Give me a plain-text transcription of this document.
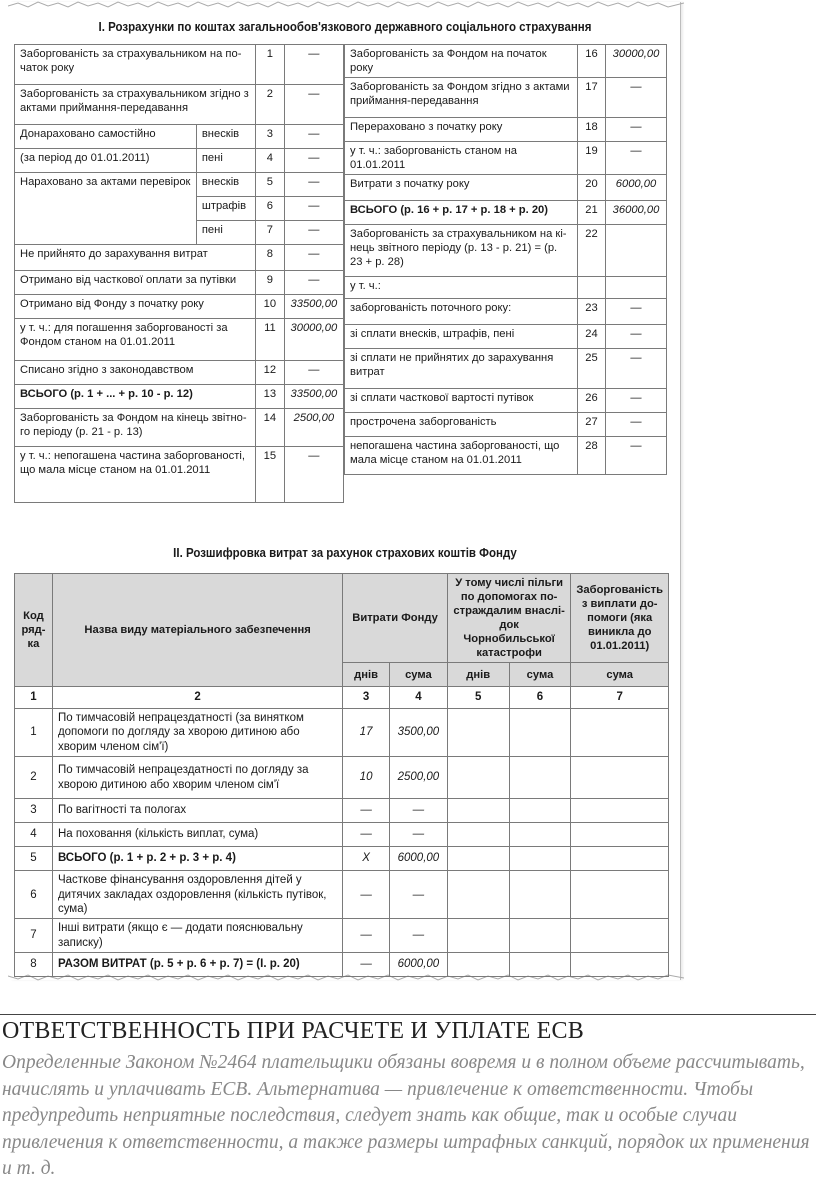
І. Розрахунки по коштах загальнообов'язкового державного соціального страхування
Заборгованість за страхувальником на по-чаток року		1	—
Заборгованість за страхувальником згідно з актами приймання-передавання		2	—
Донараховано самостійно	внесків	3	—
(за період до 01.01.2011)	пені	4	—
Нараховано за актами перевірок	внесків	5	—
	штрафів	6	—
	пені	7	—
Не прийнято до зарахування витрат		8	—
Отримано від часткової оплати за путівки		9	—
Отримано від Фонду з початку року		10	33500,00
у т. ч.: для погашення заборгованості за Фондом станом на 01.01.2011		11	30000,00
Списано згідно з законодавством		12	—
ВСЬОГО (р. 1 + ... + р. 10 - р. 12)		13	33500,00
Заборгованість за Фондом на кінець звітно-го періоду (р. 21 - р. 13)		14	2500,00
у т. ч.: непогашена частина заборгованості, що мала місце станом на 01.01.2011		15	—
Заборгованість за Фондом на початок року	16	30000,00
Заборгованість за Фондом згідно з актами приймання-передавання	17	—
Перераховано з початку року	18	—
у т. ч.: заборгованість станом на 01.01.2011	19	—
Витрати з початку року	20	6000,00
ВСЬОГО (р. 16 + р. 17 + р. 18 + р. 20)	21	36000,00
Заборгованість за страхувальником на кі-нець звітного періоду (р. 13 - р. 21) = (р. 23 + р. 28)	22	
у т. ч.:		
заборгованість поточного року:	23	—
зі сплати внесків, штрафів, пені	24	—
зі сплати не прийнятих до зарахування витрат	25	—
зі сплати часткової вартості путівок	26	—
прострочена заборгованість	27	—
непогашена частина заборгованості, що мала місце станом на 01.01.2011	28	—
ІІ. Розшифровка витрат за рахунок страхових коштів Фонду
Код ряд-ка	Назва виду матеріального забезпечення	Витрати Фонду		У тому числі пільги по допомогах по-страждалим внаслі-док Чорнобильської катастрофи		Заборгованість з виплати до-помоги (яка виникла до 01.01.2011)
		днів	сума	днів	сума	сума
1	2	3	4	5	6	7
1	По тимчасовій непрацездатності (за винятком допомоги по догляду за хворою дитиною або хворим членом сім'ї)	17	3500,00			
2	По тимчасовій непрацездатності по догляду за хворою дитиною або хворим членом сім'ї	10	2500,00			
3	По вагітності та пологах	—	—			
4	На поховання (кількість виплат, сума)	—	—			
5	ВСЬОГО (р. 1 + р. 2 + р. 3 + р. 4)	Х	6000,00			
6	Часткове фінансування оздоровлення дітей у дитячих закладах оздоровлення (кількість путівок, сума)	—	—			
7	Інші витрати (якщо є — додати пояснювальну записку)	—	—			
8	РАЗОМ ВИТРАТ (р. 5 + р. 6 + р. 7) = (І. р. 20)	—	6000,00			
ОТВЕТСТВЕННОСТЬ ПРИ РАСЧЕТЕ И УПЛАТЕ ЕСВ
Определенные Законом №2464 плательщики обязаны вовремя и в полном объеме рассчитывать, начислять и уплачивать ЕСВ. Альтернатива — привлечение к ответственности. Чтобы предупредить неприятные последствия, следует знать как общие, так и особые случаи привлечения к ответственности, а также размеры штрафных санкций, порядок их применения и т. д.
